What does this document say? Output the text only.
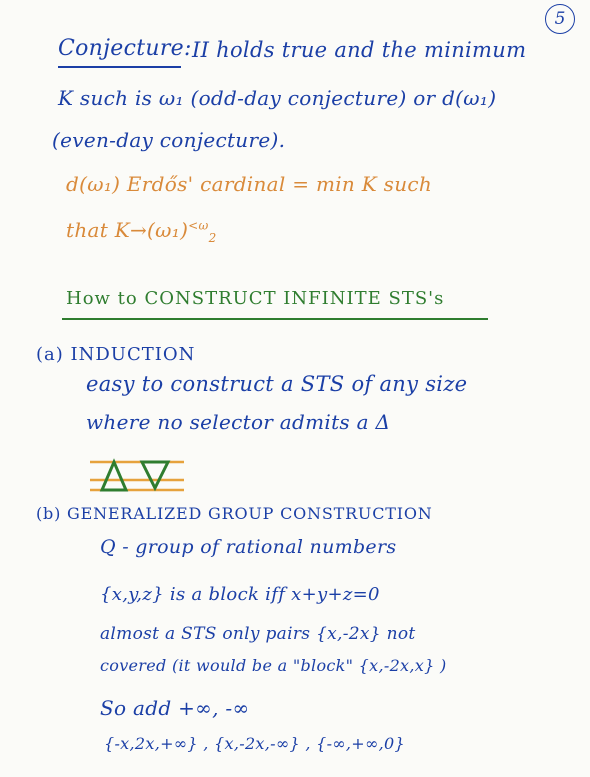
5
Conjecture: II holds true and the minimum
K such is ω₁ (odd-day conjecture) or d(ω₁)
(even-day conjecture).
d(ω₁) Erdős' cardinal = min K such
that $K\to(\omega_1)^{<\omega}_2$
How to CONSTRUCT INFINITE STS's
(a) INDUCTION
easy to construct a STS of any size
where no selector admits a Δ
(b) GENERALIZED GROUP CONSTRUCTION
Q - group of rational numbers
{x,y,z} is a block iff x+y+z=0
almost a STS only pairs {x,-2x} not
covered (it would be a "block" {x,-2x,x} )
So add +∞, -∞
{-x,2x,+∞} , {x,-2x,-∞} , {-∞,+∞,0}
